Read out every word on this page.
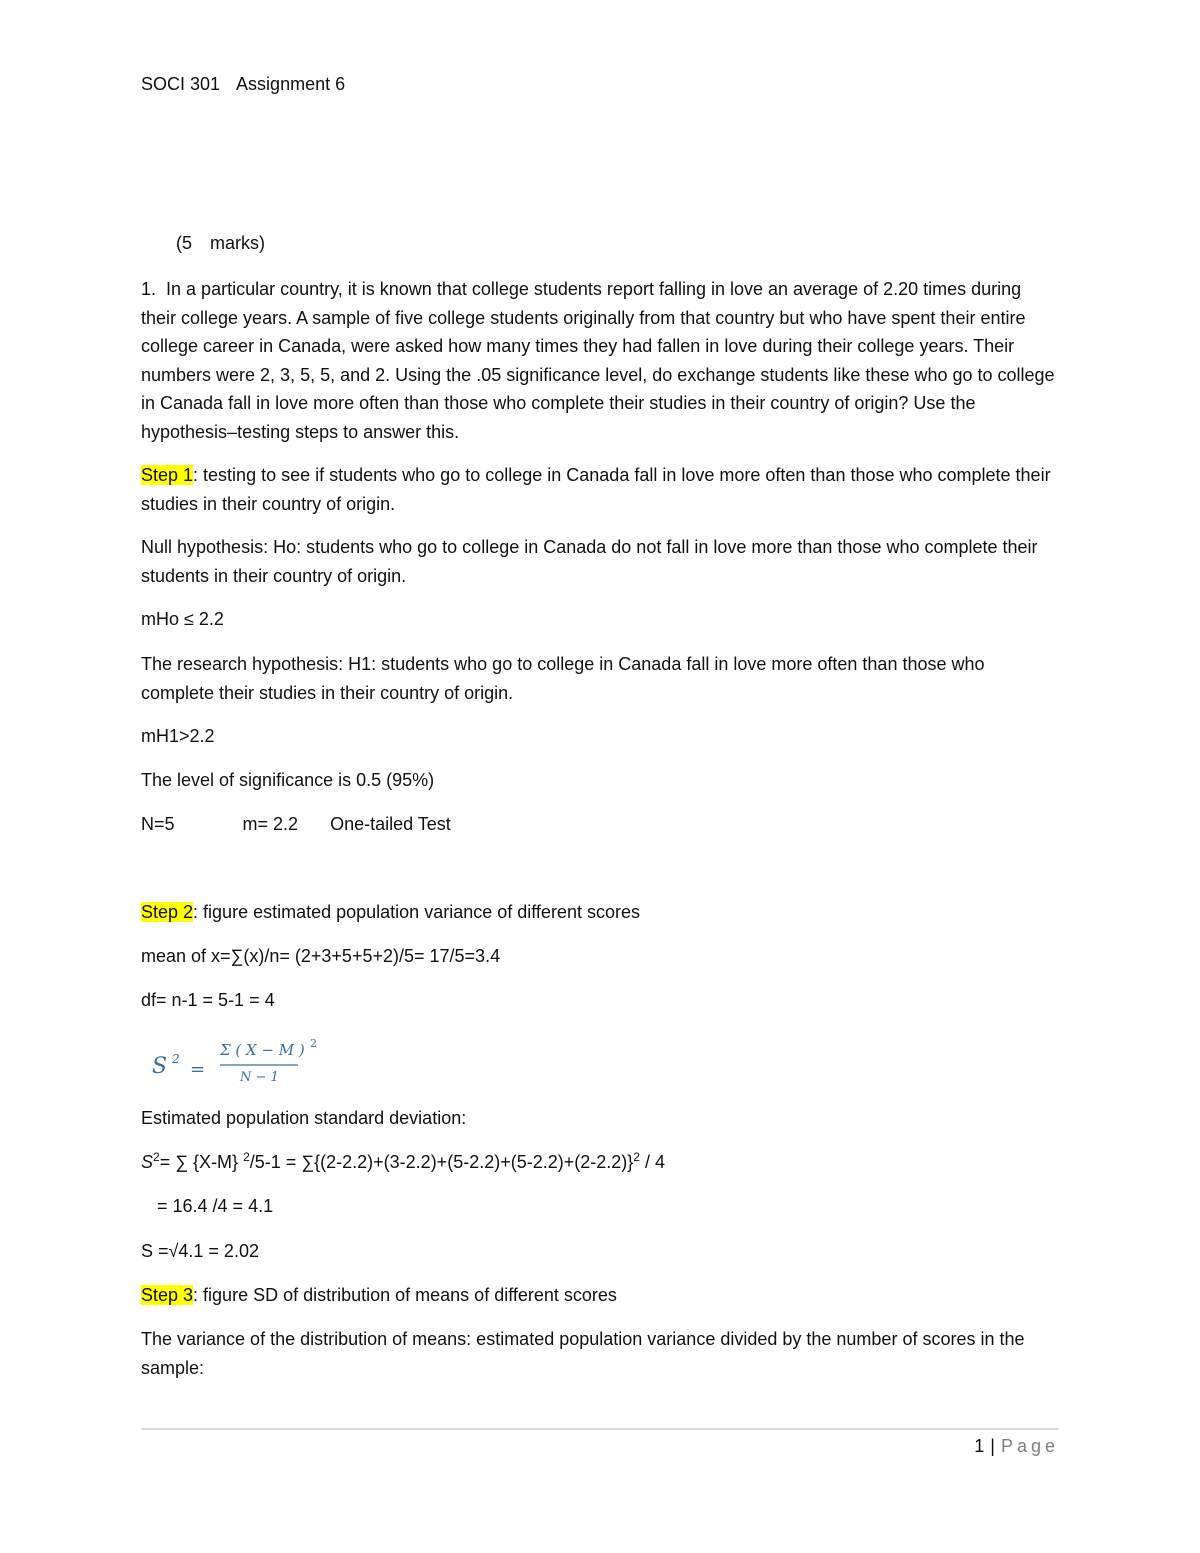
SOCI 301 Assignment 6

(5 marks)

1. In a particular country, it is known that college students report falling in love an average of 2.20 times during their college years. A sample of five college students originally from that country but who have spent their entire college career in Canada, were asked how many times they had fallen in love during their college years. Their numbers were 2, 3, 5, 5, and 2. Using the .05 significance level, do exchange students like these who go to college in Canada fall in love more often than those who complete their studies in their country of origin? Use the hypothesis–testing steps to answer this.

Step 1: testing to see if students who go to college in Canada fall in love more often than those who complete their studies in their country of origin.

Null hypothesis: Ho: students who go to college in Canada do not fall in love more than those who complete their students in their country of origin.

mHo ≤ 2.2

The research hypothesis: H1: students who go to college in Canada fall in love more often than those who complete their studies in their country of origin.

mH1>2.2

The level of significance is 0.5 (95%)

N=5	m= 2.2 One-tailed Test

Step 2: figure estimated population variance of different scores

mean of x=∑(x)/n= (2+3+5+5+2)/5= 17/5=3.4

df= n-1 = 5-1 = 4

S 2 =
Σ ( X − M ) 2
N − 1

Estimated population standard deviation:

$S^2=$ ∑ {X-M} $^2/5-1 = \sum\{(2-2.2)+(3-2.2)+(5-2.2)+(5-2.2)+(2-2.2)\}^2 / 4$

= 16.4 /4 = 4.1

S =√4.1 = 2.02

Step 3: figure SD of distribution of means of different scores

The variance of the distribution of means: estimated population variance divided by the number of scores in the sample:

1 | Page
